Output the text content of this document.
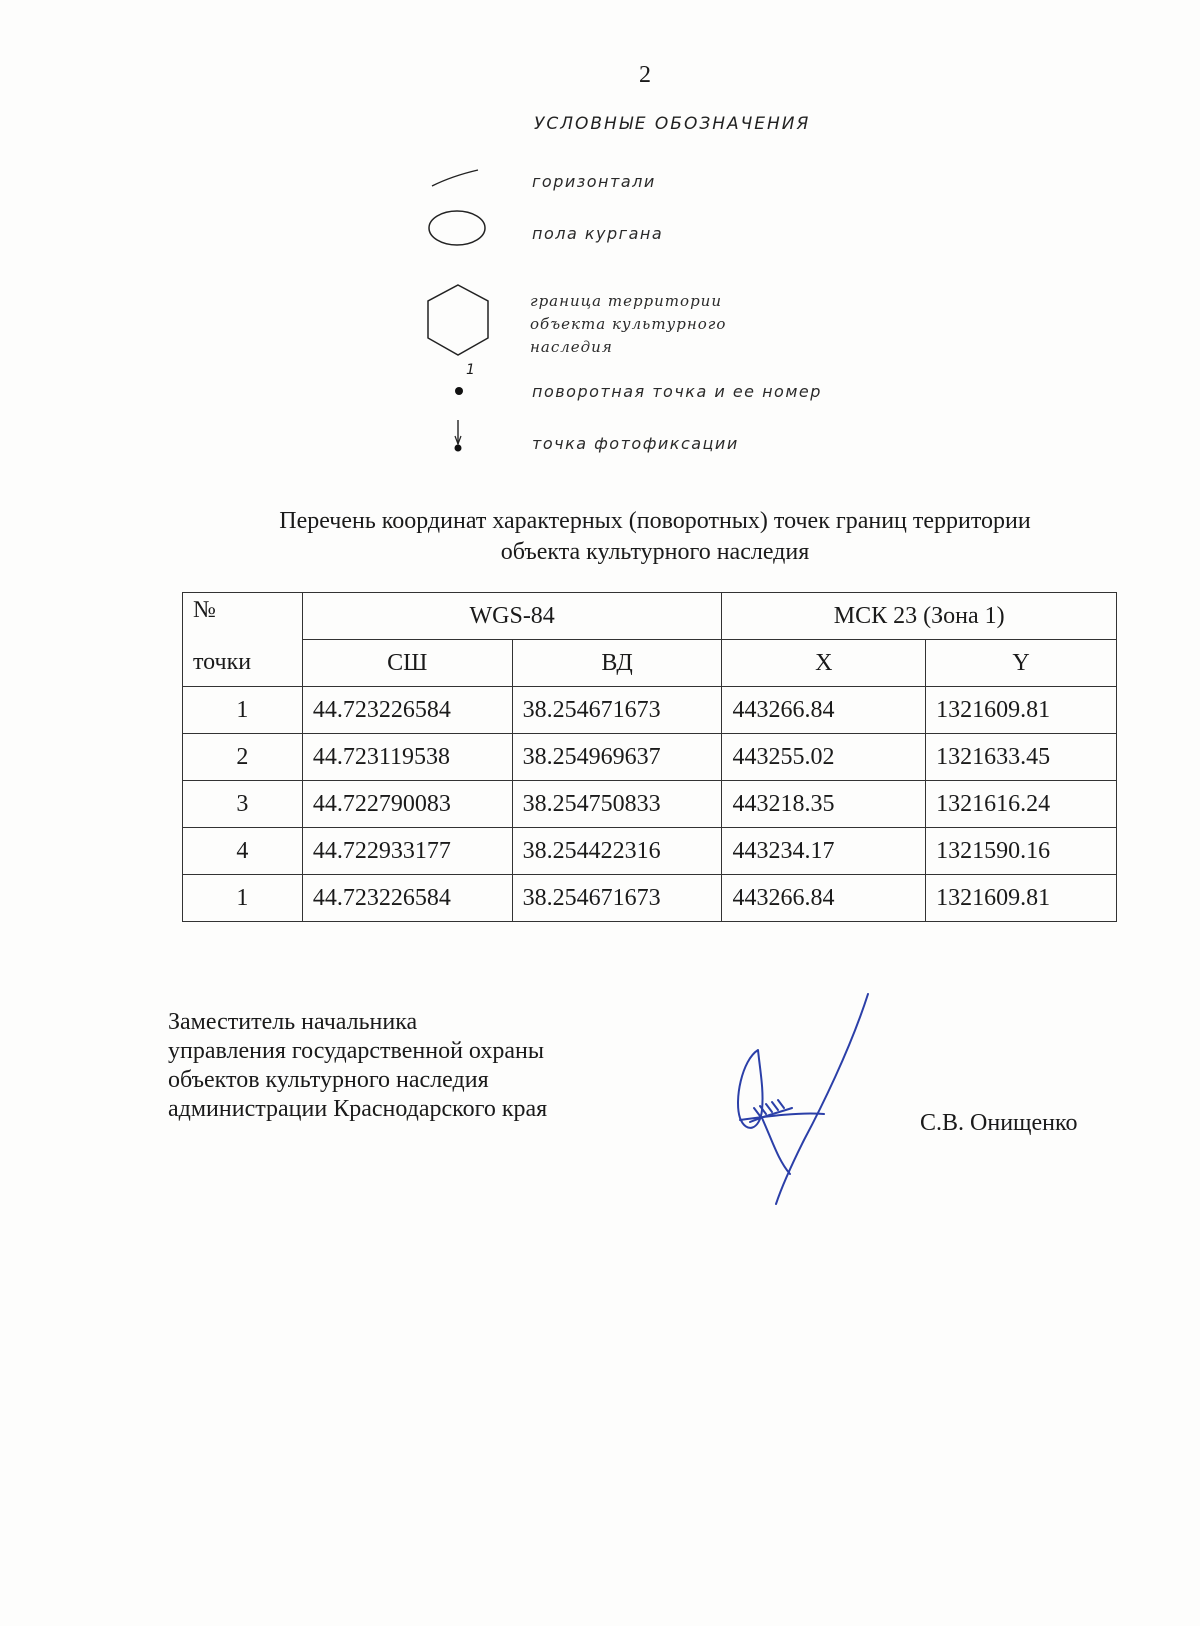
2
УСЛОВНЫЕ ОБОЗНАЧЕНИЯ
горизонтали
пола кургана
граница территории
объекта культурного
наследия
1
поворотная точка и ее номер
точка фотофиксации
Перечень координат характерных (поворотных) точек границ территории
объекта культурного наследия
№	WGS-84		МСК 23 (Зона 1)	
точки	СШ	ВД	X	Y
1	44.723226584	38.254671673	443266.84	1321609.81
2	44.723119538	38.254969637	443255.02	1321633.45
3	44.722790083	38.254750833	443218.35	1321616.24
4	44.722933177	38.254422316	443234.17	1321590.16
1	44.723226584	38.254671673	443266.84	1321609.81
Заместитель начальника
управления государственной охраны
объектов культурного наследия
администрации Краснодарского края
С.В. Онищенко
